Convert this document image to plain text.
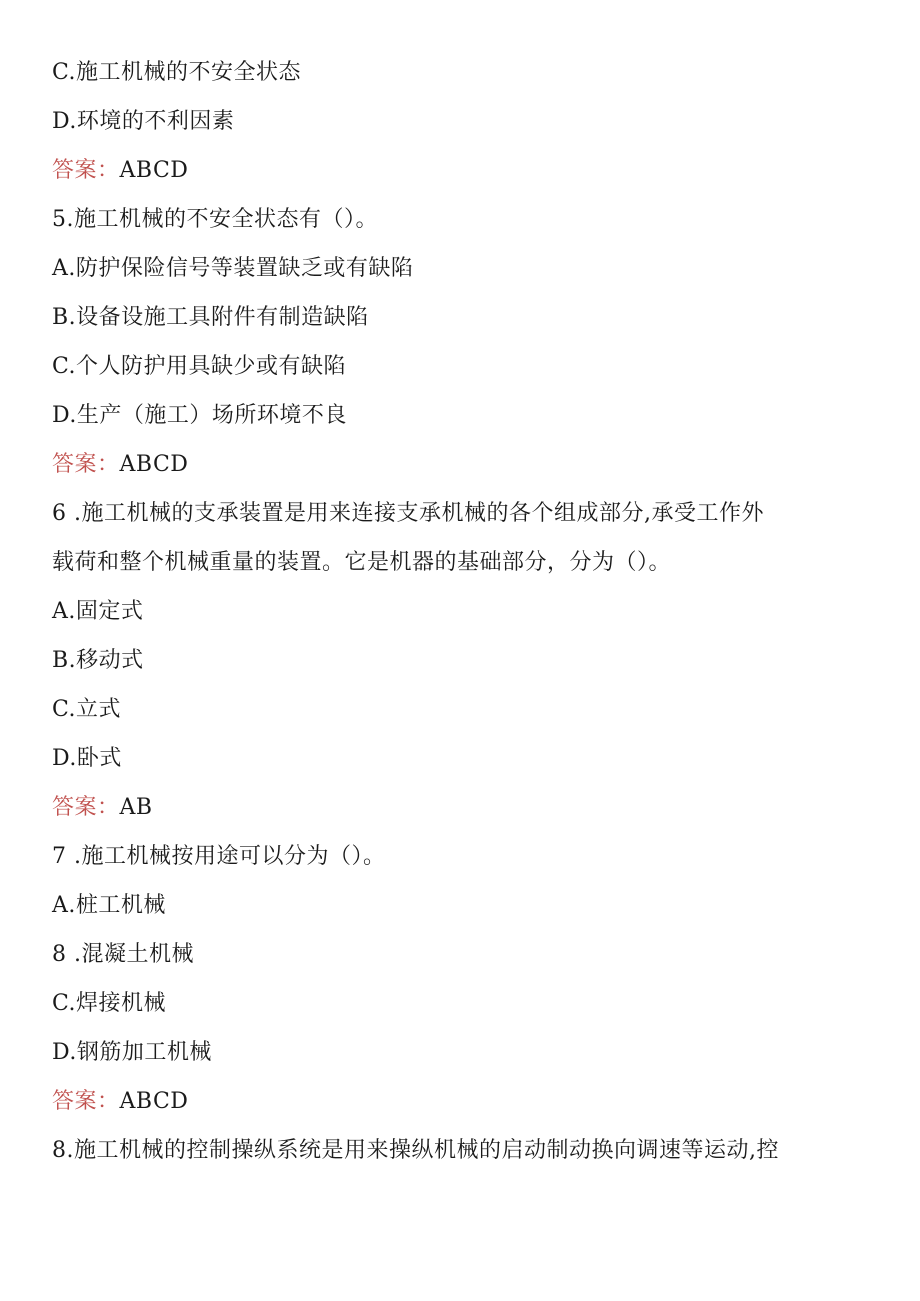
C.施工机械的不安全状态
D.环境的不利因素
答案：ABCD
5.施工机械的不安全状态有（）。
A.防护保险信号等装置缺乏或有缺陷
B.设备设施工具附件有制造缺陷
C.个人防护用具缺少或有缺陷
D.生产（施工）场所环境不良
答案：ABCD
6 .施工机械的支承装置是用来连接支承机械的各个组成部分,承受工作外
载荷和整个机械重量的装置。它是机器的基础部分，分为（）。
A.固定式
B.移动式
C.立式
D.卧式
答案：AB
7 .施工机械按用途可以分为（）。
A.桩工机械
8 .混凝土机械
C.焊接机械
D.钢筋加工机械
答案：ABCD
8.施工机械的控制操纵系统是用来操纵机械的启动制动换向调速等运动,控
